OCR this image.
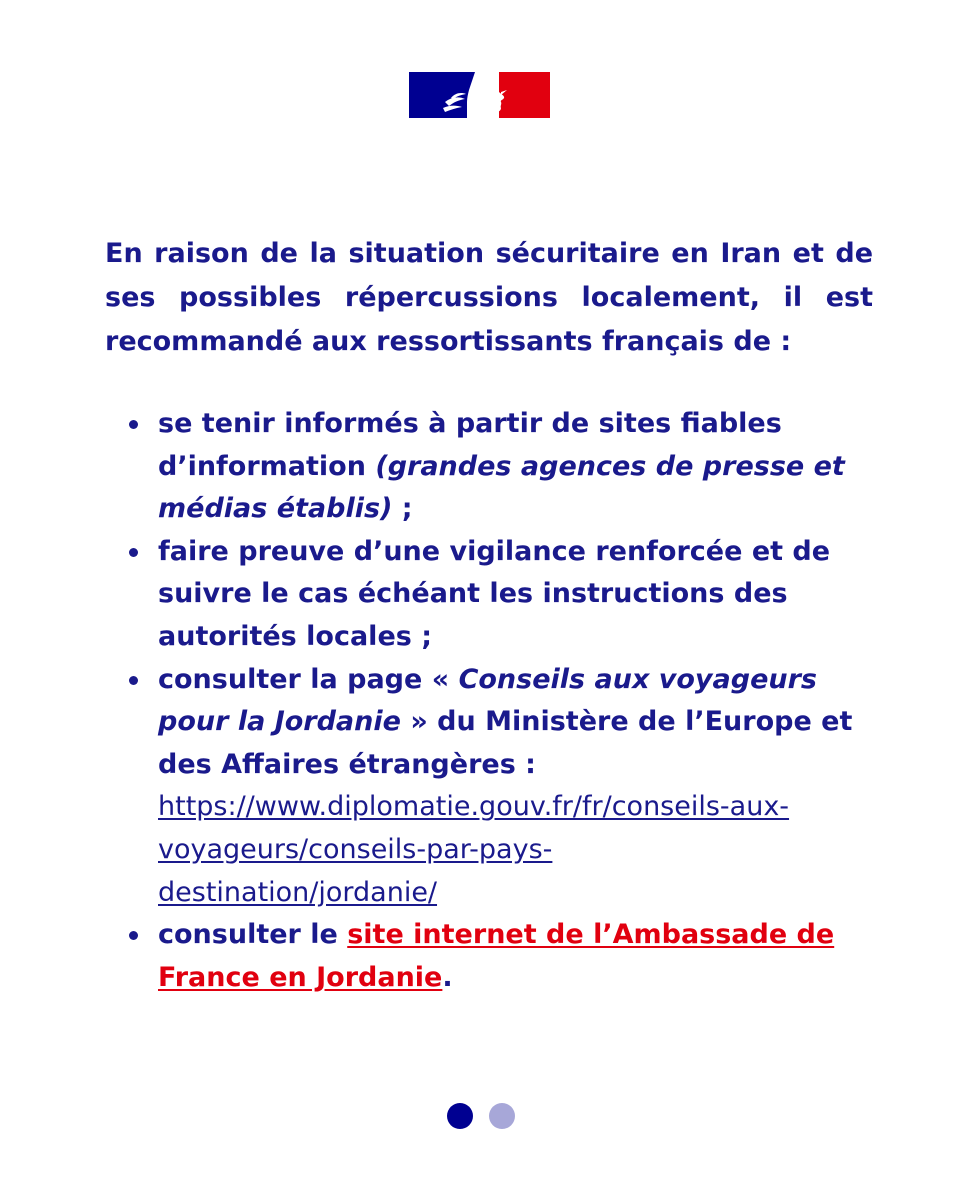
En raison de la situation sécuritaire en Iran et de ses possibles répercussions localement, il est recommandé aux ressortissants français de :

se tenir informés à partir de sites fiables d’information (grandes agences de presse et médias établis) ;
faire preuve d’une vigilance renforcée et de suivre le cas échéant les instructions des autorités locales ;
consulter la page « Conseils aux voyageurs pour la Jordanie » du Ministère de l’Europe et des Affaires étrangères :
https://www.diplomatie.gouv.fr/fr/conseils-aux-
voyageurs/conseils-par-pays-
destination/jordanie/
consulter le site internet de l’Ambassade de France en Jordanie.
